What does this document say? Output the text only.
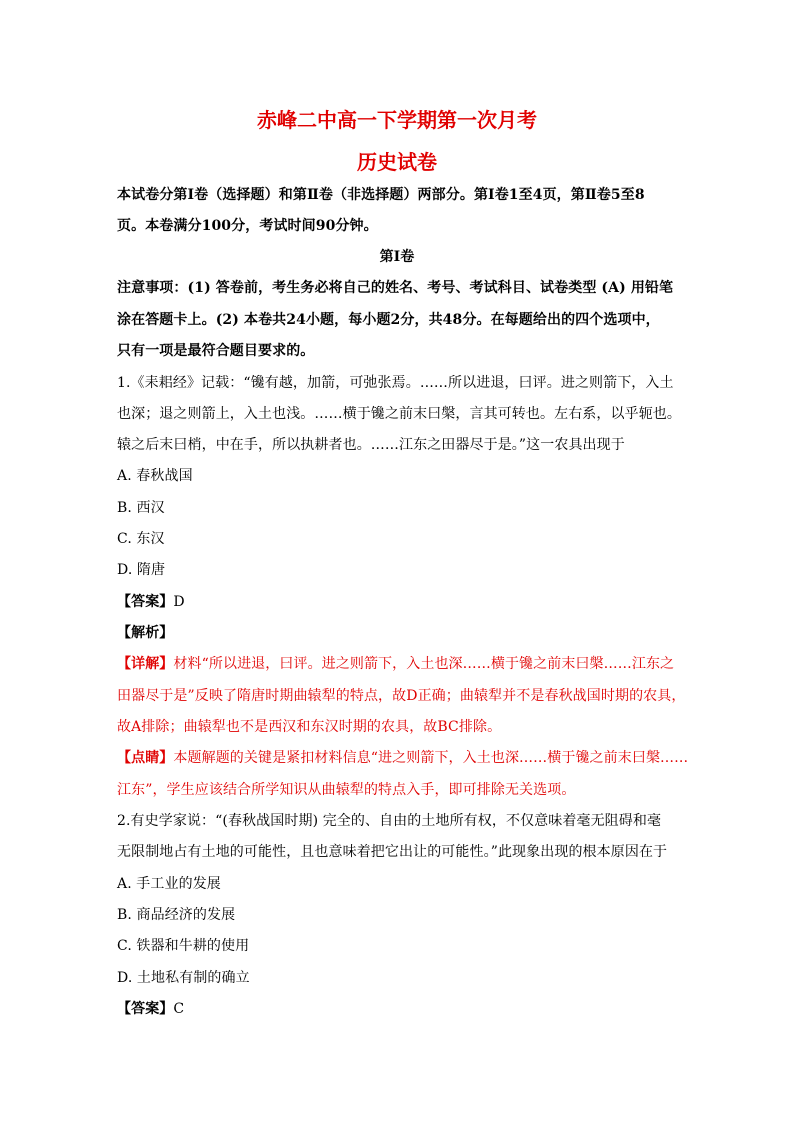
赤峰二中高一下学期第一次月考
历史试卷

本试卷分第Ⅰ卷（选择题）和第Ⅱ卷（非选择题）两部分。第Ⅰ卷1至4页，第Ⅱ卷5至8

页。本卷满分100分，考试时间90分钟。

第Ⅰ卷

注意事项：(1) 答卷前，考生务必将自己的姓名、考号、考试科目、试卷类型 (A) 用铅笔

涂在答题卡上。(2) 本卷共24小题，每小题2分，共48分。在每题给出的四个选项中，

只有一项是最符合题目要求的。

1.《耒耜经》记载：“镵有越，加箭，可弛张焉。……所以进退，曰评。进之则箭下，入土

也深；退之则箭上，入土也浅。……横于镵之前末曰槃，言其可转也。左右系，以乎轭也。

辕之后末曰梢，中在手，所以执耕者也。……江东之田器尽于是。”这一农具出现于

A. 春秋战国

B. 西汉

C. 东汉

D. 隋唐

【答案】D

【解析】

【详解】材料“所以进退，曰评。进之则箭下，入土也深……横于镵之前末曰槃……江东之

田器尽于是”反映了隋唐时期曲辕犁的特点，故D正确；曲辕犁并不是春秋战国时期的农具，

故A排除；曲辕犁也不是西汉和东汉时期的农具，故BC排除。

【点睛】本题解题的关键是紧扣材料信息“进之则箭下，入土也深……横于镵之前末曰槃……

江东”，学生应该结合所学知识从曲辕犁的特点入手，即可排除无关选项。

2.有史学家说：“(春秋战国时期) 完全的、自由的土地所有权，不仅意味着毫无阻碍和毫

无限制地占有土地的可能性，且也意味着把它出让的可能性。”此现象出现的根本原因在于

A. 手工业的发展

B. 商品经济的发展

C. 铁器和牛耕的使用

D. 土地私有制的确立

【答案】C
